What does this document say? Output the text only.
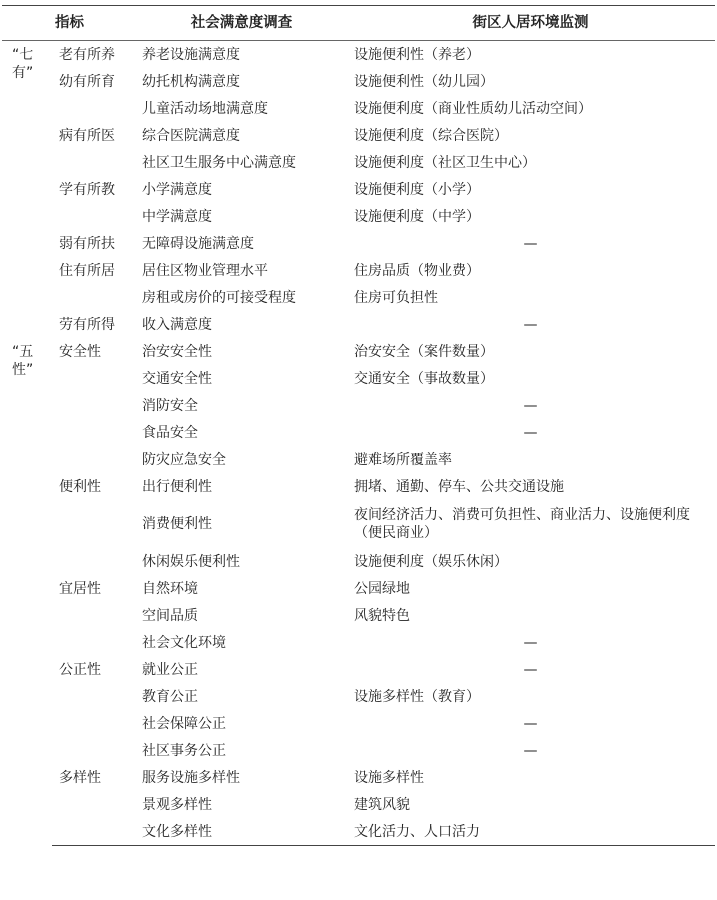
指标		社会满意度调查	街区人居环境监测
“七有”	老有所养	养老设施满意度	设施便利性（养老）
	幼有所育	幼托机构满意度	设施便利性（幼儿园）
		儿童活动场地满意度	设施便利度（商业性质幼儿活动空间）
	病有所医	综合医院满意度	设施便利度（综合医院）
		社区卫生服务中心满意度	设施便利度（社区卫生中心）
	学有所教	小学满意度	设施便利度（小学）
		中学满意度	设施便利度（中学）
	弱有所扶	无障碍设施满意度	—
	住有所居	居住区物业管理水平	住房品质（物业费）
		房租或房价的可接受程度	住房可负担性
	劳有所得	收入满意度	—
“五性”	安全性	治安安全性	治安安全（案件数量）
		交通安全性	交通安全（事故数量）
		消防安全	—
		食品安全	—
		防灾应急安全	避难场所覆盖率
	便利性	出行便利性	拥堵、通勤、停车、公共交通设施
		消费便利性	夜间经济活力、消费可负担性、商业活力、设施便利度（便民商业）
		休闲娱乐便利性	设施便利度（娱乐休闲）
	宜居性	自然环境	公园绿地
		空间品质	风貌特色
		社会文化环境	—
	公正性	就业公正	—
		教育公正	设施多样性（教育）
		社会保障公正	—
		社区事务公正	—
	多样性	服务设施多样性	设施多样性
		景观多样性	建筑风貌
		文化多样性	文化活力、人口活力
